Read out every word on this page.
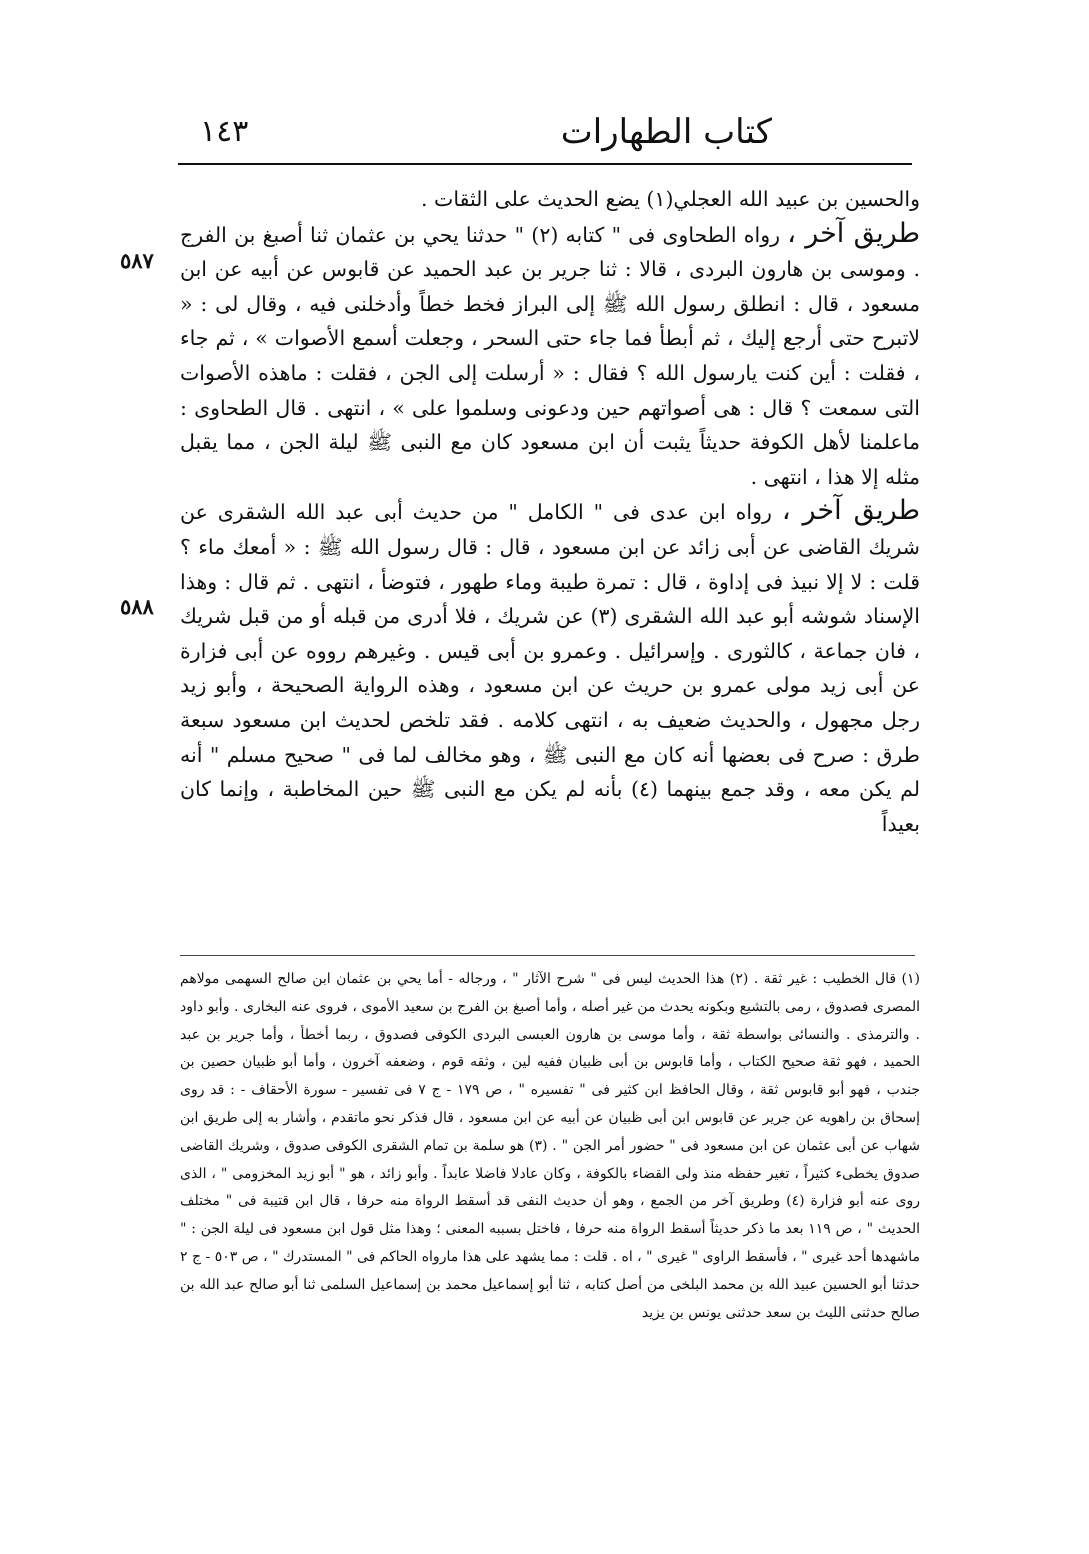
كتاب الطهارات
١٤٣
٥٨٧
٥٨٨

والحسين بن عبيد الله العجلي(١) يضع الحديث على الثقات .

طريق آخر ، رواه الطحاوى فى " كتابه (٢) " حدثنا يحي بن عثمان ثنا أصبغ بن الفرج . وموسى بن هارون البردى ، قالا : ثنا جرير بن عبد الحميد عن قابوس عن أبيه عن ابن مسعود ، قال : انطلق رسول الله ﷺ إلى البراز فخط خطاً وأدخلنى فيه ، وقال لى : « لاتبرح حتى أرجع إليك ، ثم أبطأ فما جاء حتى السحر ، وجعلت أسمع الأصوات » ، ثم جاء ، فقلت : أين كنت يارسول الله ؟ فقال : « أرسلت إلى الجن ، فقلت : ماهذه الأصوات التى سمعت ؟ قال : هى أصواتهم حين ودعونى وسلموا على » ، انتهى . قال الطحاوى : ماعلمنا لأهل الكوفة حديثاً يثبت أن ابن مسعود كان مع النبى ﷺ ليلة الجن ، مما يقبل مثله إلا هذا ، انتهى .

طريق آخر ، رواه ابن عدى فى " الكامل " من حديث أبى عبد الله الشقرى عن شريك القاضى عن أبى زائد عن ابن مسعود ، قال : قال رسول الله ﷺ : « أمعك ماء ؟ قلت : لا إلا نبيذ فى إداوة ، قال : تمرة طيبة وماء طهور ، فتوضأ ، انتهى . ثم قال : وهذا الإسناد شوشه أبو عبد الله الشقرى (٣) عن شريك ، فلا أدرى من قبله أو من قبل شريك ، فان جماعة ، كالثورى . وإسرائيل . وعمرو بن أبى قيس . وغيرهم رووه عن أبى فزارة عن أبى زيد مولى عمرو بن حريث عن ابن مسعود ، وهذه الرواية الصحيحة ، وأبو زيد رجل مجهول ، والحديث ضعيف به ، انتهى كلامه . فقد تلخص لحديث ابن مسعود سبعة طرق : صرح فى بعضها أنه كان مع النبى ﷺ ، وهو مخالف لما فى " صحيح مسلم " أنه لم يكن معه ، وقد جمع بينهما (٤) بأنه لم يكن مع النبى ﷺ حين المخاطبة ، وإنما كان بعيداً

(١) قال الخطيب : غير ثقة . (٢) هذا الحديث ليس فى " شرح الآثار " ، ورجاله - أما يحي بن عثمان ابن صالح السهمى مولاهم المصرى فصدوق ، رمى بالتشيع وبكونه يحدث من غير أصله ، وأما أصبغ بن الفرج بن سعيد الأموى ، فروى عنه البخارى . وأبو داود . والترمذى . والنسائى بواسطة ثقة ، وأما موسى بن هارون العبسى البردى الكوفى فصدوق ، ربما أخطأ ، وأما جرير بن عبد الحميد ، فهو ثقة صحيح الكتاب ، وأما قابوس بن أبى ظبيان ففيه لين ، وثقه قوم ، وضعفه آخرون ، وأما أبو ظبيان حصين بن جندب ، فهو أبو قابوس ثقة ، وقال الحافظ ابن كثير فى " تفسيره " ، ص ١٧٩ - ج ٧ فى تفسير - سورة الأحقاف - : قد روى إسحاق بن راهويه عن جرير عن قابوس ابن أبى ظبيان عن أبيه عن ابن مسعود ، قال فذكر نحو ماتقدم ، وأشار به إلى طريق ابن شهاب عن أبى عثمان عن ابن مسعود فى " حضور أمر الجن " . (٣) هو سلمة بن تمام الشقرى الكوفى صدوق ، وشريك القاضى صدوق يخطىء كثيراً ، تغير حفظه منذ ولى القضاء بالكوفة ، وكان عادلا فاضلا عابداً . وأبو زائد ، هو " أبو زيد المخزومى " ، الذى روى عنه أبو فزارة (٤) وطريق آخر من الجمع ، وهو أن حديث النفى قد أسقط الرواة منه حرفا ، قال ابن قتيبة فى " مختلف الحديث " ، ص ١١٩ بعد ما ذكر حديثاً أسقط الرواة منه حرفا ، فاختل بسببه المعنى ؛ وهذا مثل قول ابن مسعود فى ليلة الجن : " ماشهدها أحد غيرى " ، فأسقط الراوى " غيرى " ، اه . قلت : مما يشهد على هذا مارواه الحاكم فى " المستدرك " ، ص ٥٠٣ - ج ٢ حدثنا أبو الحسين عبيد الله بن محمد البلخى من أصل كتابه ، ثنا أبو إسماعيل محمد بن إسماعيل السلمى ثنا أبو صالح عبد الله بن صالح حدثنى الليث بن سعد حدثنى يونس بن يزيد
